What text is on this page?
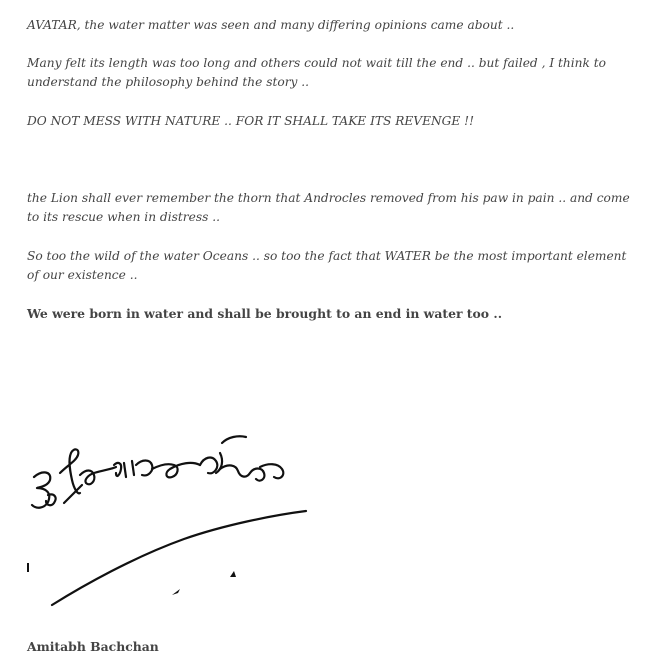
AVATAR, the water matter was seen and many differing opinions came about ..

Many felt its length was too long and others could not wait till the end .. but failed , I think to understand the philosophy behind the story ..

DO NOT MESS WITH NATURE .. FOR IT SHALL TAKE ITS REVENGE !!

the Lion shall ever remember the thorn that Androcles removed from his paw in pain .. and come to its rescue when in distress ..

So too the wild of the water Oceans .. so too the fact that WATER be the most important element of our existence ..

We were born in water and shall be brought to an end in water too ..

Amitabh Bachchan
